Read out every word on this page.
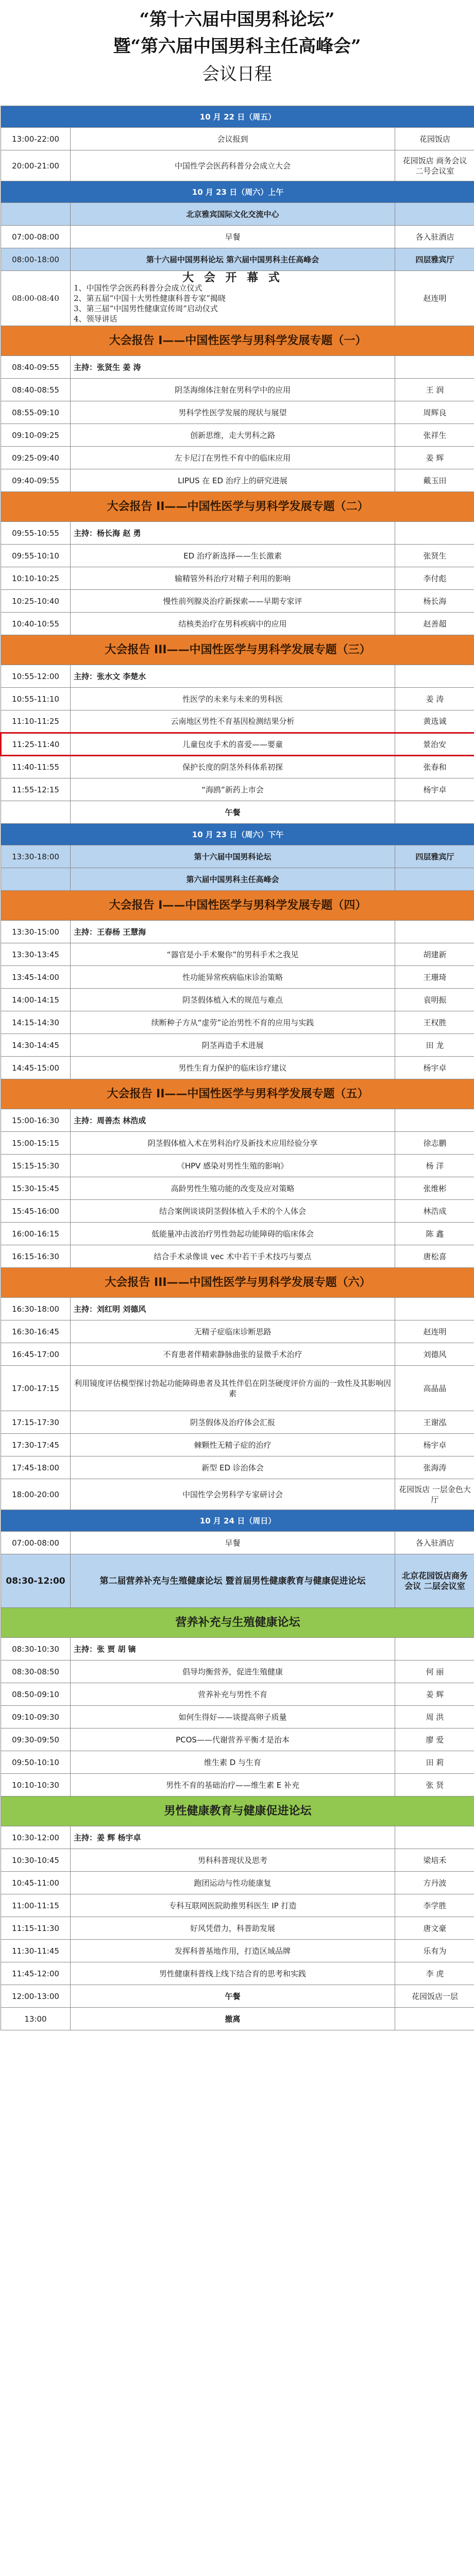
“第十六届中国男科论坛”
暨“第六届中国男科主任高峰会”
会议日程
10 月 22 日（周五）		
13:00-22:00	会议报到	花园饭店
20:00-21:00	中国性学会医药科普分会成立大会	花园饭店 商务会议 二号会议室
10 月 23 日（周六）上午		
	北京雅宾国际文化交流中心	
07:00-08:00	早餐	各入驻酒店
08:00-18:00	第十六届中国男科论坛 第六届中国男科主任高峰会	四层雅宾厅
08:00-08:40	大 会 开 幕 式
1、中国性学会医药科普分会成立仪式
2、第五届“中国十大男性健康科普专家”揭晓
3、第三届“中国男性健康宣传周”启动仪式
4、领导讲话	赵连明
大会报告 I——中国性医学与男科学发展专题（一）		
08:40-09:55	主持：张贤生 姜 涛	
08:40-08:55	阴茎海绵体注射在男科学中的应用	王 润
08:55-09:10	男科学性医学发展的现状与展望	周辉良
09:10-09:25	创新思维，走大男科之路	张祥生
09:25-09:40	左卡尼汀在男性不育中的临床应用	姜 辉
09:40-09:55	LIPUS 在 ED 治疗上的研究进展	戴玉田
大会报告 II——中国性医学与男科学发展专题（二）		
09:55-10:55	主持：杨长海 赵 勇	
09:55-10:10	ED 治疗新选择——生长激素	张贤生
10:10-10:25	输精管外科治疗对精子利用的影响	李付彪
10:25-10:40	慢性前列腺炎治疗新探索——早期专家评	杨长海
10:40-10:55	结核类治疗在男科疾病中的应用	赵善超
大会报告 III——中国性医学与男科学发展专题（三）		
10:55-12:00	主持：张水文 李楚水	
10:55-11:10	性医学的未来与未来的男科医	姜 涛
11:10-11:25	云南地区男性不育基因检测结果分析	黄选诚
11:25-11:40	儿童包皮手术的喜爱——要童	景治安
11:40-11:55	保护长度的阴茎外科体系初探	张春和
11:55-12:15	“海鸥”新药上市会	杨宇卓
	午餐	
10 月 23 日（周六）下午		
13:30-18:00	第十六届中国男科论坛	四层雅宾厅
	第六届中国男科主任高峰会	
大会报告 I——中国性医学与男科学发展专题（四）		
13:30-15:00	主持：王春杨 王慧海	
13:30-13:45	“器官是小手术聚你”的男科手术之我见	胡建新
13:45-14:00	性功能异常疾病临床诊治策略	王珊琦
14:00-14:15	阴茎假体植入术的规范与难点	袁明振
14:15-14:30	续断种子方从“虚劳”论治男性不育的应用与实践	王权胜
14:30-14:45	阴茎再造手术进展	田 龙
14:45-15:00	男性生育力保护的临床诊疗建议	杨宇卓
大会报告 II——中国性医学与男科学发展专题（五）		
15:00-16:30	主持：周善杰 林浩成	
15:00-15:15	阴茎假体植入术在男科治疗及新技术应用经验分享	徐志鹏
15:15-15:30	《HPV 感染对男性生殖的影响》	杨 洋
15:30-15:45	高龄男性生殖功能的改变及应对策略	张维彬
15:45-16:00	结合案例谈谈阴茎假体植入手术的个人体会	林浩成
16:00-16:15	低能量冲击波治疗男性勃起功能障碍的临床体会	陈 鑫
16:15-16:30	结合手术录像谈 vec 术中若干手术技巧与要点	唐松喜
大会报告 III——中国性医学与男科学发展专题（六）		
16:30-18:00	主持：刘红明 刘德风	
16:30-16:45	无精子症临床诊断思路	赵连明
16:45-17:00	不育患者伴精索静脉曲张的显微手术治疗	刘德风
17:00-17:15	利用镜度评估模型探讨勃起功能障碍患者及其性伴侣在阴茎硬度评价方面的一致性及其影响因素	高晶晶
17:15-17:30	阴茎假体及治疗体会汇报	王谢泓
17:30-17:45	棘颗性无精子症的治疗	杨宇卓
17:45-18:00	新型 ED 诊治体会	张海涛
18:00-20:00	中国性学会男科学专家研讨会	花园饭店 一层金色大厅
10 月 24 日（周日）		
07:00-08:00	早餐	各入驻酒店
08:30-12:00	第二届营养补充与生殖健康论坛 暨首届男性健康教育与健康促进论坛	北京花园饭店商务会议 二层会议室
营养补充与生殖健康论坛		
08:30-10:30	主持：张 贾 胡 镝	
08:30-08:50	倡导均衡营养，促进生殖健康	何 丽
08:50-09:10	营养补充与男性不育	姜 辉
09:10-09:30	如何生得好——谈提高卵子质量	周 洪
09:30-09:50	PCOS——代谢营养平衡才是治本	廖 爱
09:50-10:10	维生素 D 与生育	田 莉
10:10-10:30	男性不育的基础治疗——维生素 E 补充	张 贤
男性健康教育与健康促进论坛		
10:30-12:00	主持：姜 辉 杨宇卓	
10:30-10:45	男科科普现状及思考	梁培禾
10:45-11:00	跑团运动与性功能康复	方丹波
11:00-11:15	专科互联网医院助推男科医生 IP 打造	李学胜
11:15-11:30	好风凭借力，科普助发展	唐文豪
11:30-11:45	发挥科普基地作用，打造区域品牌	乐有为
11:45-12:00	男性健康科普线上线下结合育的思考和实践	李 虎
12:00-13:00	午餐	花园饭店一层
13:00	撤离	
